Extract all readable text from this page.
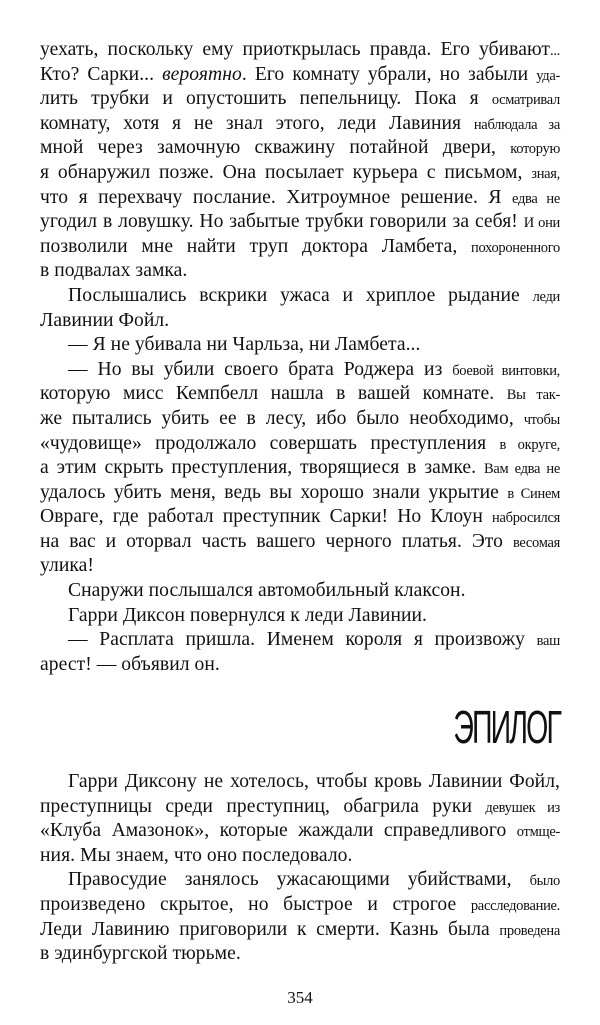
уехать, поскольку ему приоткрылась правда. Его убивают...
Кто? Сарки... вероятно. Его комнату убрали, но забыли уда-
лить трубки и опустошить пепельницу. Пока я осматривал
комнату, хотя я не знал этого, леди Лавиния наблюдала за
мной через замочную скважину потайной двери, которую
я обнаружил позже. Она посылает курьера с письмом, зная,
что я перехвачу послание. Хитроумное решение. Я едва не
угодил в ловушку. Но забытые трубки говорили за себя! И они
позволили мне найти труп доктора Ламбета, похороненного
в подвалах замка.
Послышались вскрики ужаса и хриплое рыдание леди
Лавинии Фойл.
— Я не убивала ни Чарльза, ни Ламбета...
— Но вы убили своего брата Роджера из боевой винтовки,
которую мисс Кемпбелл нашла в вашей комнате. Вы так-
же пытались убить ее в лесу, ибо было необходимо, чтобы
«чудовище» продолжало совершать преступления в округе,
а этим скрыть преступления, творящиеся в замке. Вам едва не
удалось убить меня, ведь вы хорошо знали укрытие в Синем
Овраге, где работал преступник Сарки! Но Клоун набросился
на вас и оторвал часть вашего черного платья. Это весомая
улика!
Снаружи послышался автомобильный клаксон.
Гарри Диксон повернулся к леди Лавинии.
— Расплата пришла. Именем короля я произвожу ваш
арест! — объявил он.
ЭПИЛОГ
Гарри Диксону не хотелось, чтобы кровь Лавинии Фойл,
преступницы среди преступниц, обагрила руки девушек из
«Клуба Амазонок», которые жаждали справедливого отмще-
ния. Мы знаем, что оно последовало.
Правосудие занялось ужасающими убийствами, было
произведено скрытое, но быстрое и строгое расследование.
Леди Лавинию приговорили к смерти. Казнь была проведена
в эдинбургской тюрьме.
354
